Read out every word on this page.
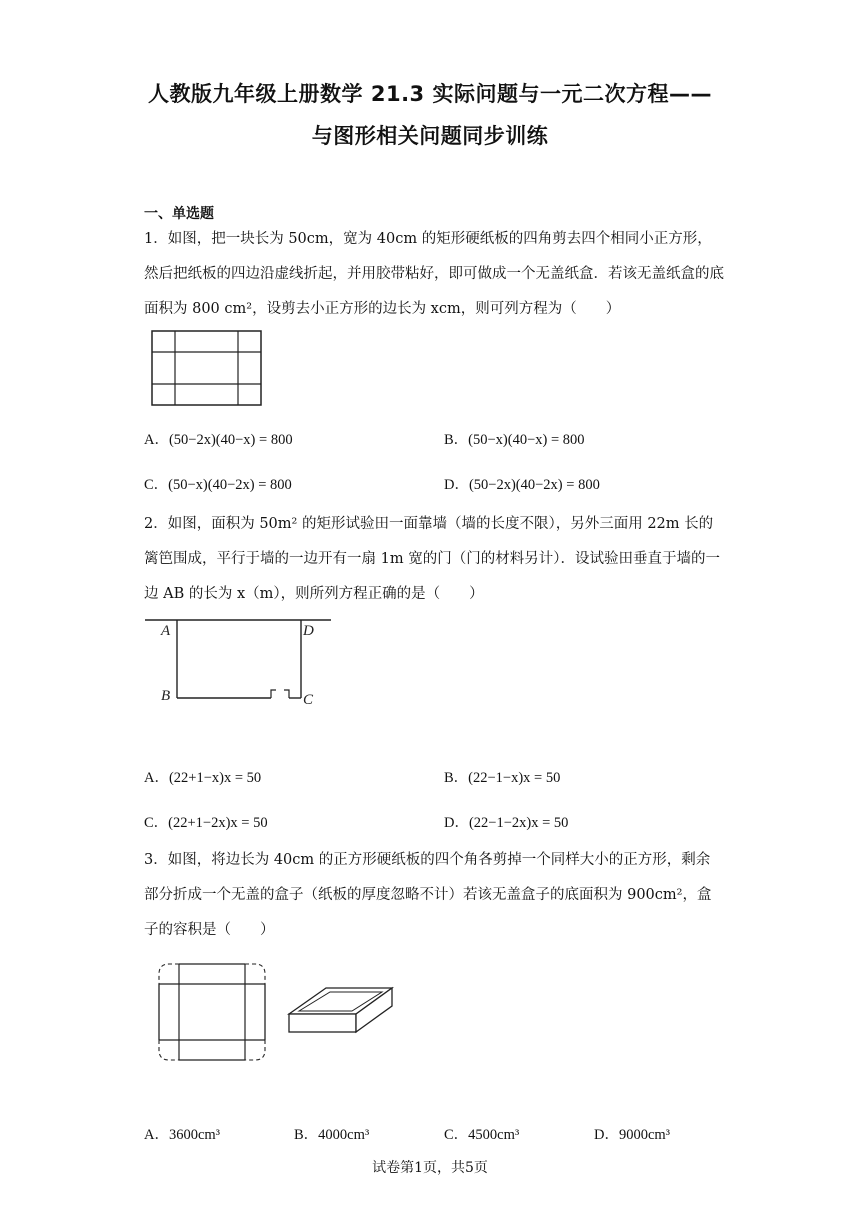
人教版九年级上册数学 21.3 实际问题与一元二次方程——
与图形相关问题同步训练
一、单选题
1．如图，把一块长为 50cm，宽为 40cm 的矩形硬纸板的四角剪去四个相同小正方形，然后把纸板的四边沿虚线折起，并用胶带粘好，即可做成一个无盖纸盒．若该无盖纸盒的底面积为 800 cm²，设剪去小正方形的边长为 xcm，则可列方程为（　　）
A．(50−2x)(40−x) = 800	B．(50−x)(40−x) = 800
C．(50−x)(40−2x) = 800	D．(50−2x)(40−2x) = 800
2．如图，面积为 50m² 的矩形试验田一面靠墙（墙的长度不限），另外三面用 22m 长的篱笆围成，平行于墙的一边开有一扇 1m 宽的门（门的材料另计）．设试验田垂直于墙的一边 AB 的长为 x（m），则所列方程正确的是（　　）
A	D
B	C
A．(22+1−x)x = 50	B．(22−1−x)x = 50
C．(22+1−2x)x = 50	D．(22−1−2x)x = 50
3．如图，将边长为 40cm 的正方形硬纸板的四个角各剪掉一个同样大小的正方形，剩余部分折成一个无盖的盒子（纸板的厚度忽略不计）若该无盖盒子的底面积为 900cm²，盒子的容积是（　　）
A．3600cm³	B．4000cm³	C．4500cm³	D．9000cm³
试卷第1页，共5页
